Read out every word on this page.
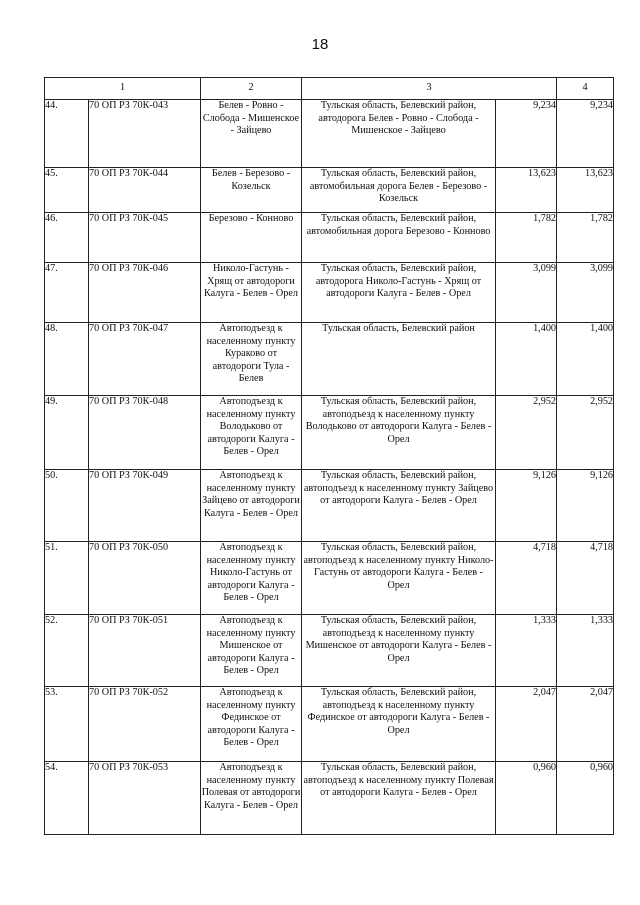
18
1		2	3		4
44.	70 ОП РЗ 70К-043	Белев - Ровно - Слобода - Мишенское - Зайцево	Тульская область, Белевский район, автодорога Белев - Ровно - Слобода - Мишенское - Зайцево	9,234	9,234
45.	70 ОП РЗ 70К-044	Белев - Березово - Козельск	Тульская область, Белевский район, автомобильная дорога Белев - Березово - Козельск	13,623	13,623
46.	70 ОП РЗ 70К-045	Березово - Конново	Тульская область, Белевский район, автомобильная дорога Березово - Конново	1,782	1,782
47.	70 ОП РЗ 70К-046	Николо-Гастунь - Хрящ от автодороги Калуга - Белев - Орел	Тульская область, Белевский район, автодорога Николо-Гастунь - Хрящ от автодороги Калуга - Белев - Орел	3,099	3,099
48.	70 ОП РЗ 70К-047	Автоподъезд к населенному пункту Кураково от автодороги Тула - Белев	Тульская область, Белевский район	1,400	1,400
49.	70 ОП РЗ 70К-048	Автоподъезд к населенному пункту Володьково от автодороги Калуга - Белев - Орел	Тульская область, Белевский район, автоподъезд к населенному пункту Володьково от автодороги Калуга - Белев - Орел	2,952	2,952
50.	70 ОП РЗ 70К-049	Автоподъезд к населенному пункту Зайцево от автодороги Калуга - Белев - Орел	Тульская область, Белевский район, автоподъезд к населенному пункту Зайцево от автодороги Калуга - Белев - Орел	9,126	9,126
51.	70 ОП РЗ 70К-050	Автоподъезд к населенному пункту Николо-Гастунь от автодороги Калуга - Белев - Орел	Тульская область, Белевский район, автоподъезд к населенному пункту Николо-Гастунь от автодороги Калуга - Белев - Орел	4,718	4,718
52.	70 ОП РЗ 70К-051	Автоподъезд к населенному пункту Мишенское от автодороги Калуга - Белев - Орел	Тульская область, Белевский район, автоподъезд к населенному пункту Мишенское от автодороги Калуга - Белев - Орел	1,333	1,333
53.	70 ОП РЗ 70К-052	Автоподъезд к населенному пункту Фединское от автодороги Калуга - Белев - Орел	Тульская область, Белевский район, автоподъезд к населенному пункту Фединское от автодороги Калуга - Белев - Орел	2,047	2,047
54.	70 ОП РЗ 70К-053	Автоподъезд к населенному пункту Полевая от автодороги Калуга - Белев - Орел	Тульская область, Белевский район, автоподъезд к населенному пункту Полевая от автодороги Калуга - Белев - Орел	0,960	0,960
